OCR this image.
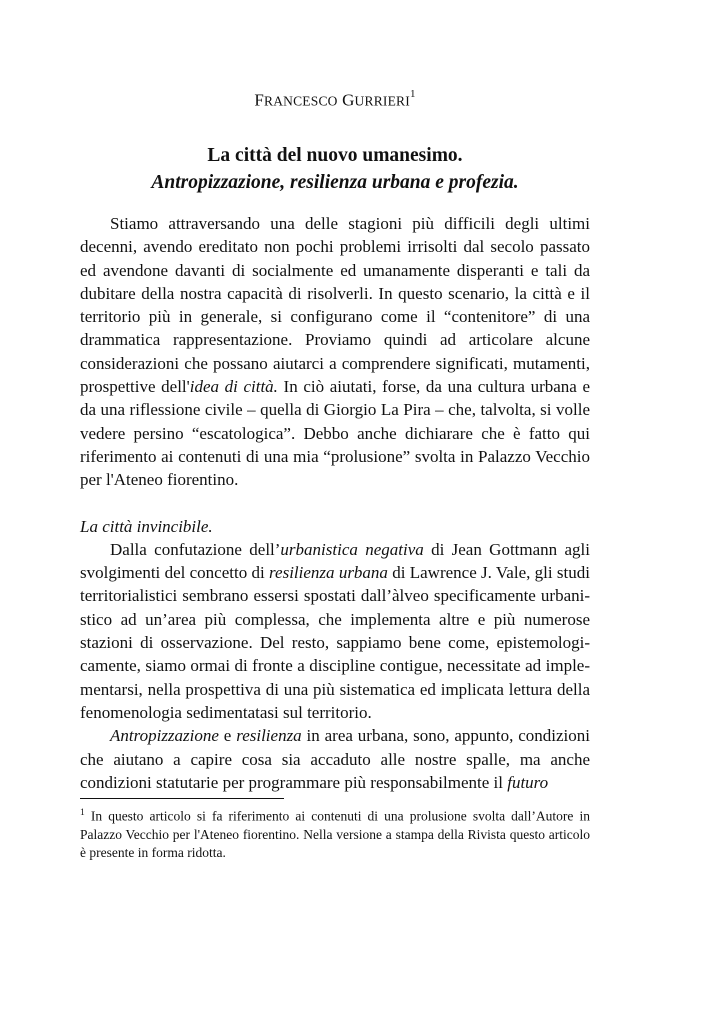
FRANCESCO GURRIERI$^1$
La città del nuovo umanesimo.
Antropizzazione, resilienza urbana e profezia.

Stiamo attraversando una delle stagioni più difficili degli ultimi decenni, avendo ereditato non pochi problemi irrisolti dal secolo passato ed avendone davanti di socialmente ed umanamente disperanti e tali da dubitare della nostra capacità di risolverli. In questo scenario, la città e il territorio più in generale, si configurano come il “contenitore” di una drammatica rappresentazione. Proviamo quindi ad articolare alcune considerazioni che possano aiutarci a comprendere significati, mutamenti, prospettive dell'idea di città. In ciò aiutati, forse, da una cultura urbana e da una riflessione civile – quella di Giorgio La Pira – che, talvolta, si volle vedere persino “escatologica”. Debbo anche dichiarare che è fatto qui riferimento ai contenuti di una mia “prolusione” svolta in Palazzo Vecchio per l'Ateneo fiorentino.

La città invincibile.

Dalla confutazione dell’urbanistica negativa di Jean Gottmann agli svolgimenti del concetto di resilienza urbana di Lawrence J. Vale, gli studi territorialistici sembrano essersi spostati dall’àlveo specificamente urbani-stico ad un’area più complessa, che implementa altre e più numerose stazioni di osservazione. Del resto, sappiamo bene come, epistemologi-camente, siamo ormai di fronte a discipline contigue, necessitate ad imple-mentarsi, nella prospettiva di una più sistematica ed implicata lettura della fenomenologia sedimentatasi sul territorio.

Antropizzazione e resilienza in area urbana, sono, appunto, condizioni che aiutano a capire cosa sia accaduto alle nostre spalle, ma anche condizioni statutarie per programmare più responsabilmente il futuro

$^1$ In questo articolo si fa riferimento ai contenuti di una prolusione svolta dall’Autore in Palazzo Vecchio per l'Ateneo fiorentino. Nella versione a stampa della Rivista questo articolo è presente in forma ridotta.
